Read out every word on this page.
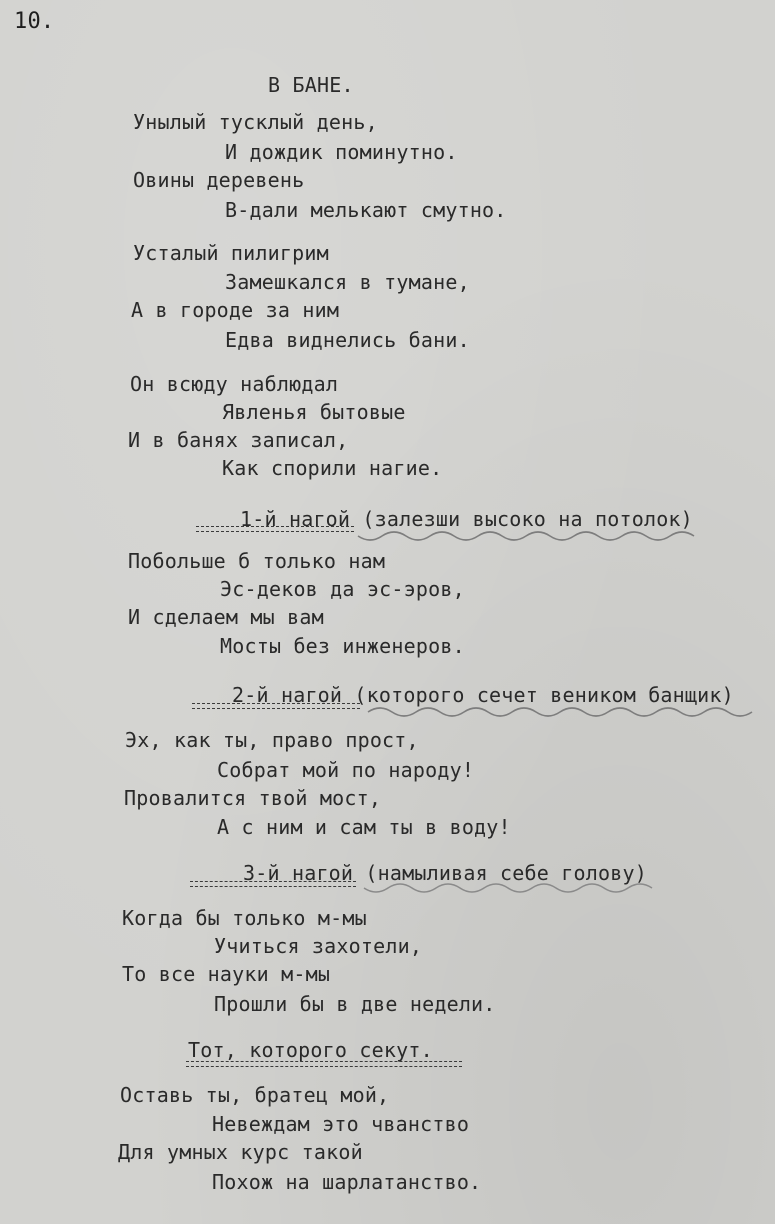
10.
В БАНЕ.
Унылый тусклый день,
И дождик поминутно.
Овины деревень
В-дали мелькают смутно.
Усталый пилигрим
Замешкался в тумане,
А в городе за ним
Едва виднелись бани.
Он всюду наблюдал
Явленья бытовые
И в банях записал,
Как спорили нагие.
1-й нагой (залезши высоко на потолок)
Побольше б только нам
Эс-деков да эс-эров,
И сделаем мы вам
Мосты без инженеров.
2-й нагой (которого сечет веником банщик)
Эх, как ты, право прост,
Собрат мой по народу!
Провалится твой мост,
А с ним и сам ты в воду!
3-й нагой (намыливая себе голову)
Когда бы только м-мы
Учиться захотели,
То все науки м-мы
Прошли бы в две недели.
Тот, которого секут.
Оставь ты, братец мой,
Невеждам это чванство
Для умных курс такой
Похож на шарлатанство.
